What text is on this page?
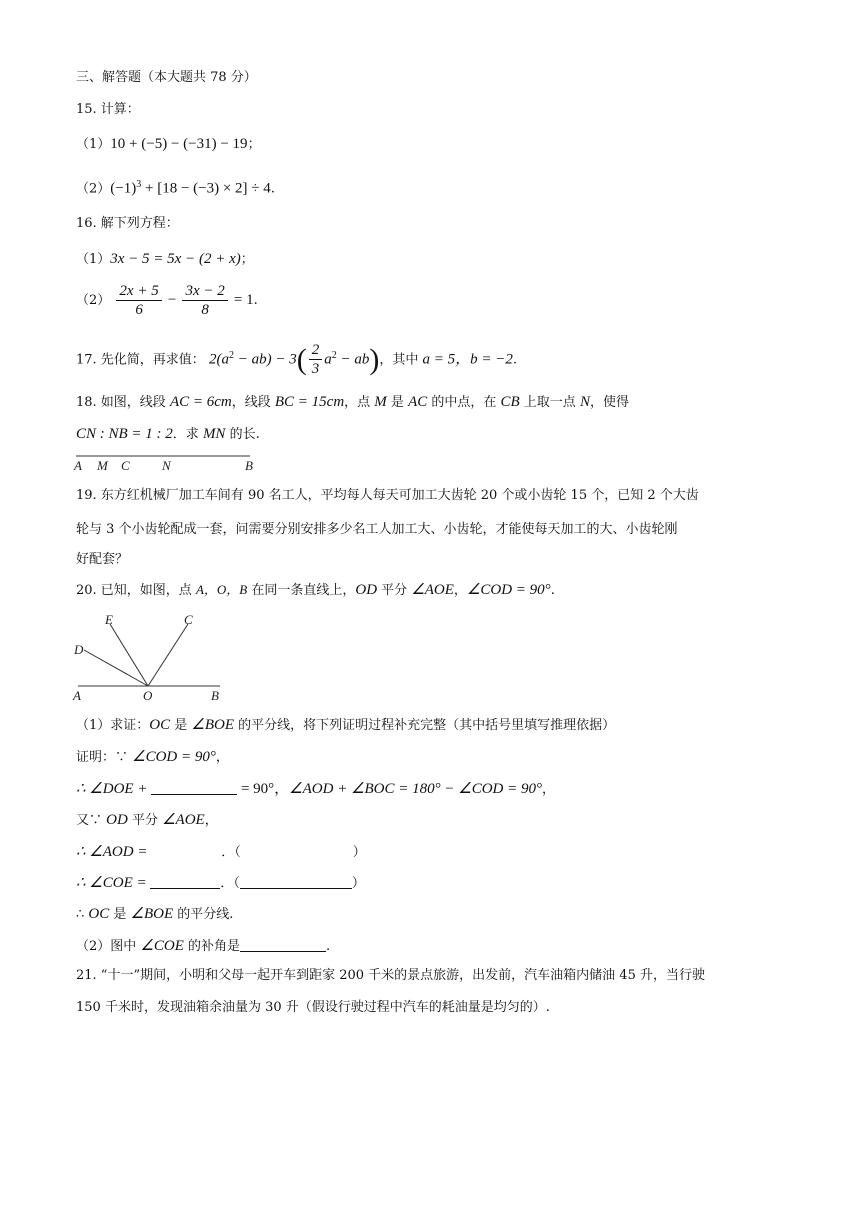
三、解答题（本大题共 78 分）
15. 计算：
（1）10 + (−5) − (−31) − 19；
$(2)(-1)^3 + [18 - (-3) \times 2] \div 4$.
16. 解下列方程：
（1）3x − 5 = 5x − (2 + x)；
$(2) \frac{2x + 5}{6} - \frac{3x - 2}{8} = 1$.
17. 先化简，再求值： $2(a^2 - ab) - 3( \frac{2}{3} a^2 - ab)$，其中 a = 5，b = −2.
18. 如图，线段 AC = 6cm，线段 BC = 15cm，点 M 是 AC 的中点，在 CB 上取一点 N，使得
CN : NB = 1 : 2．求 MN 的长.
A M C N	B
19. 东方红机械厂加工车间有 90 名工人，平均每人每天可加工大齿轮 20 个或小齿轮 15 个，已知 2 个大齿
轮与 3 个小齿轮配成一套，问需要分别安排多少名工人加工大、小齿轮，才能使每天加工的大、小齿轮刚
好配套？
20. 已知，如图，点 A，O，B 在同一条直线上，OD 平分 ∠AOE，∠COD = 90°.
E	C
D
A	O	B
（1）求证：OC 是 ∠BOE 的平分线，将下列证明过程补充完整（其中括号里填写推理依据）
证明：∵ ∠COD = 90°，
∴ ∠DOE +	= 90°，∠AOD + ∠BOC = 180° − ∠COD = 90°，
又∵ OD 平分 ∠AOE，
∴ ∠AOD =	．（	）
∴ ∠COE =	．（	）
∴ OC 是 ∠BOE 的平分线.
（2）图中 ∠COE 的补角是	.
21. “十一”期间，小明和父母一起开车到距家 200 千米的景点旅游，出发前，汽车油箱内储油 45 升，当行驶
150 千米时，发现油箱余油量为 30 升（假设行驶过程中汽车的耗油量是均匀的）.
